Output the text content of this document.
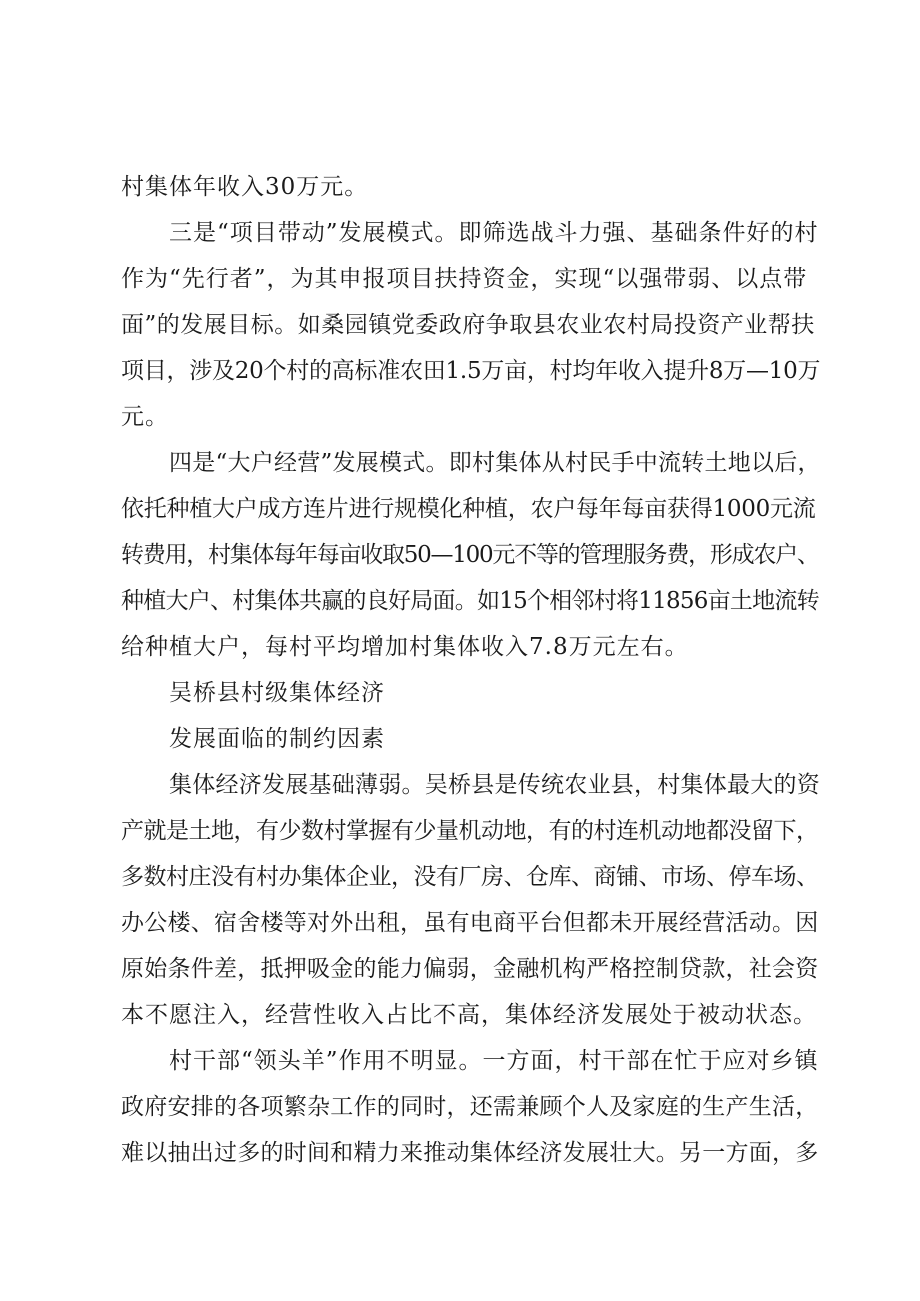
村集体年收入30万元。
三是“项目带动”发展模式。即筛选战斗力强、基础条件好的村
作为“先行者”，为其申报项目扶持资金，实现“以强带弱、以点带
面”的发展目标。如桑园镇党委政府争取县农业农村局投资产业帮扶
项目，涉及20个村的高标准农田1.5万亩，村均年收入提升8万—10万
元。
四是“大户经营”发展模式。即村集体从村民手中流转土地以后，
依托种植大户成方连片进行规模化种植，农户每年每亩获得1000元流
转费用，村集体每年每亩收取50—100元不等的管理服务费，形成农户、
种植大户、村集体共赢的良好局面。如15个相邻村将11856亩土地流转
给种植大户，每村平均增加村集体收入7.8万元左右。
吴桥县村级集体经济
发展面临的制约因素
集体经济发展基础薄弱。吴桥县是传统农业县，村集体最大的资
产就是土地，有少数村掌握有少量机动地，有的村连机动地都没留下，
多数村庄没有村办集体企业，没有厂房、仓库、商铺、市场、停车场、
办公楼、宿舍楼等对外出租，虽有电商平台但都未开展经营活动。因
原始条件差，抵押吸金的能力偏弱，金融机构严格控制贷款，社会资
本不愿注入，经营性收入占比不高，集体经济发展处于被动状态。
村干部“领头羊”作用不明显。一方面，村干部在忙于应对乡镇
政府安排的各项繁杂工作的同时，还需兼顾个人及家庭的生产生活，
难以抽出过多的时间和精力来推动集体经济发展壮大。另一方面，多
